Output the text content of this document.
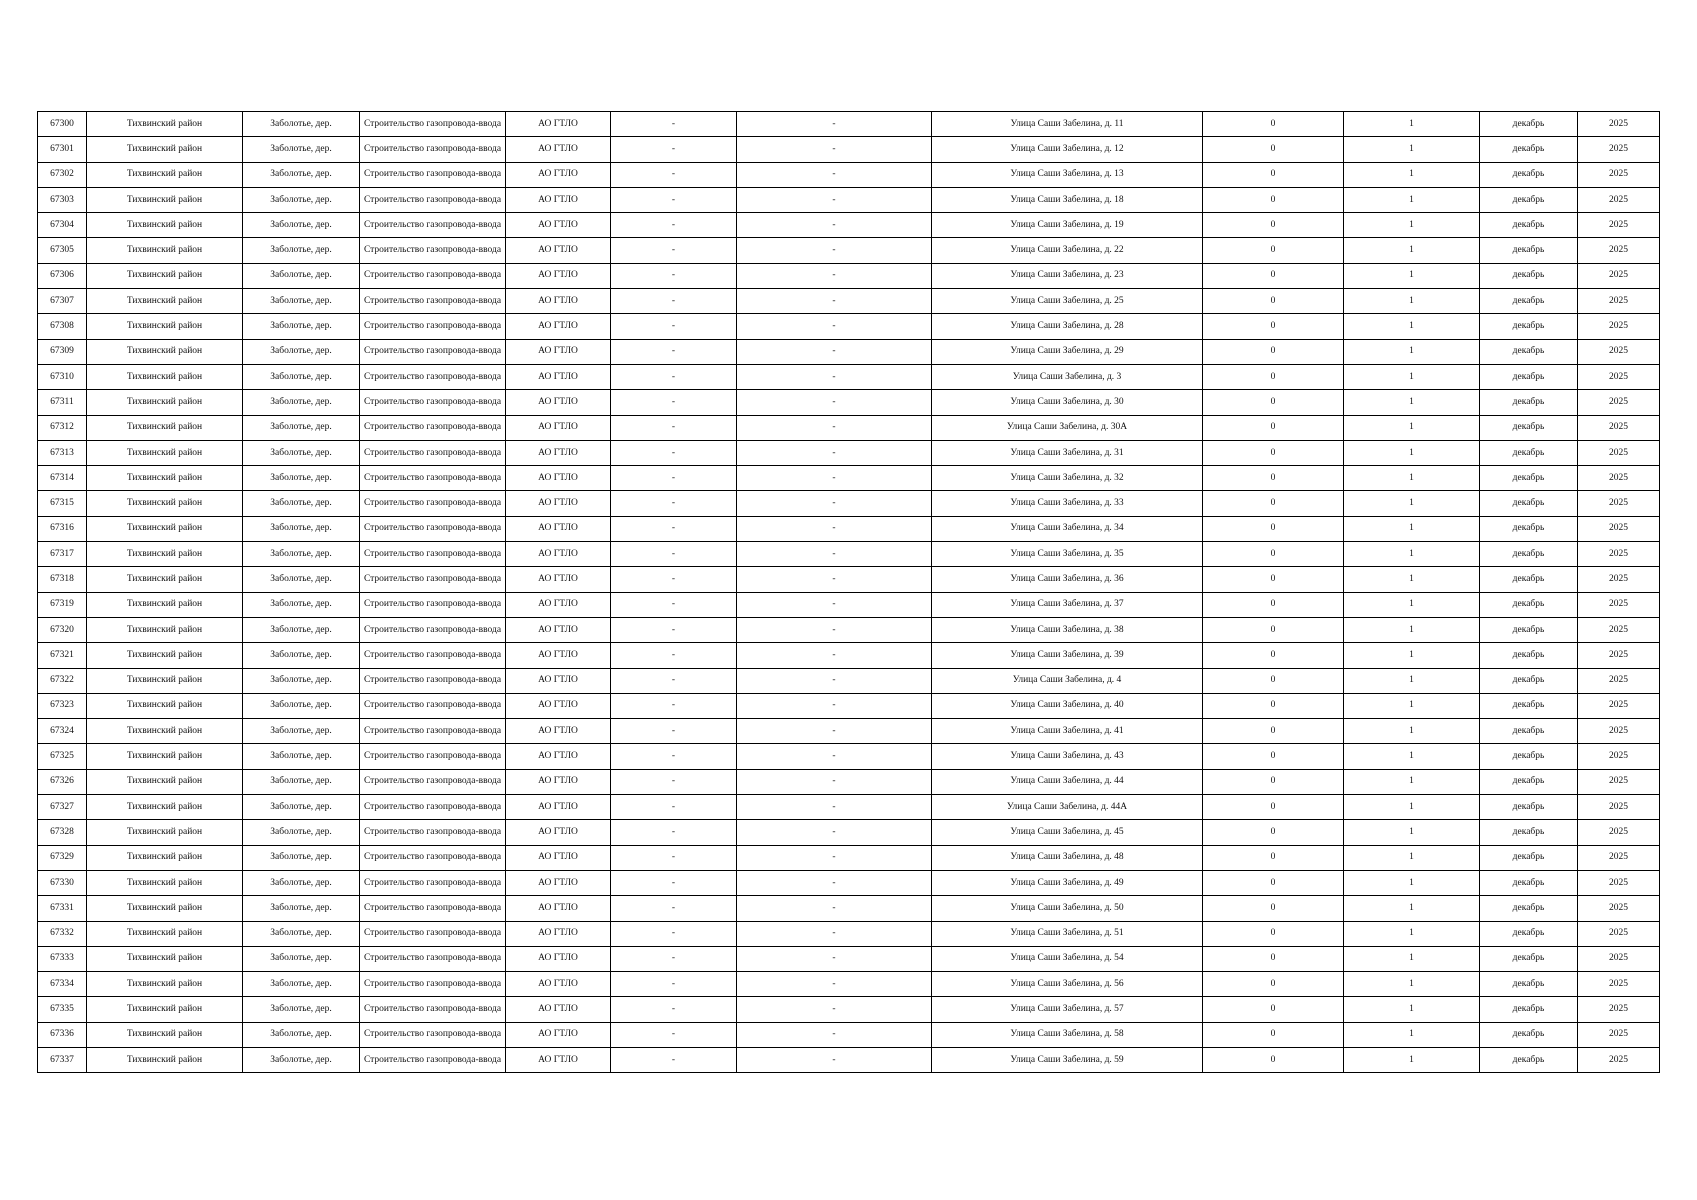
67300	Тихвинский район	Заболотье, дер.	Строительство газопровода-ввода	АО ГТЛО	-	-	Улица Саши Забелина, д. 11	0	1	декабрь	2025
67301	Тихвинский район	Заболотье, дер.	Строительство газопровода-ввода	АО ГТЛО	-	-	Улица Саши Забелина, д. 12	0	1	декабрь	2025
67302	Тихвинский район	Заболотье, дер.	Строительство газопровода-ввода	АО ГТЛО	-	-	Улица Саши Забелина, д. 13	0	1	декабрь	2025
67303	Тихвинский район	Заболотье, дер.	Строительство газопровода-ввода	АО ГТЛО	-	-	Улица Саши Забелина, д. 18	0	1	декабрь	2025
67304	Тихвинский район	Заболотье, дер.	Строительство газопровода-ввода	АО ГТЛО	-	-	Улица Саши Забелина, д. 19	0	1	декабрь	2025
67305	Тихвинский район	Заболотье, дер.	Строительство газопровода-ввода	АО ГТЛО	-	-	Улица Саши Забелина, д. 22	0	1	декабрь	2025
67306	Тихвинский район	Заболотье, дер.	Строительство газопровода-ввода	АО ГТЛО	-	-	Улица Саши Забелина, д. 23	0	1	декабрь	2025
67307	Тихвинский район	Заболотье, дер.	Строительство газопровода-ввода	АО ГТЛО	-	-	Улица Саши Забелина, д. 25	0	1	декабрь	2025
67308	Тихвинский район	Заболотье, дер.	Строительство газопровода-ввода	АО ГТЛО	-	-	Улица Саши Забелина, д. 28	0	1	декабрь	2025
67309	Тихвинский район	Заболотье, дер.	Строительство газопровода-ввода	АО ГТЛО	-	-	Улица Саши Забелина, д. 29	0	1	декабрь	2025
67310	Тихвинский район	Заболотье, дер.	Строительство газопровода-ввода	АО ГТЛО	-	-	Улица Саши Забелина, д. 3	0	1	декабрь	2025
67311	Тихвинский район	Заболотье, дер.	Строительство газопровода-ввода	АО ГТЛО	-	-	Улица Саши Забелина, д. 30	0	1	декабрь	2025
67312	Тихвинский район	Заболотье, дер.	Строительство газопровода-ввода	АО ГТЛО	-	-	Улица Саши Забелина, д. 30А	0	1	декабрь	2025
67313	Тихвинский район	Заболотье, дер.	Строительство газопровода-ввода	АО ГТЛО	-	-	Улица Саши Забелина, д. 31	0	1	декабрь	2025
67314	Тихвинский район	Заболотье, дер.	Строительство газопровода-ввода	АО ГТЛО	-	-	Улица Саши Забелина, д. 32	0	1	декабрь	2025
67315	Тихвинский район	Заболотье, дер.	Строительство газопровода-ввода	АО ГТЛО	-	-	Улица Саши Забелина, д. 33	0	1	декабрь	2025
67316	Тихвинский район	Заболотье, дер.	Строительство газопровода-ввода	АО ГТЛО	-	-	Улица Саши Забелина, д. 34	0	1	декабрь	2025
67317	Тихвинский район	Заболотье, дер.	Строительство газопровода-ввода	АО ГТЛО	-	-	Улица Саши Забелина, д. 35	0	1	декабрь	2025
67318	Тихвинский район	Заболотье, дер.	Строительство газопровода-ввода	АО ГТЛО	-	-	Улица Саши Забелина, д. 36	0	1	декабрь	2025
67319	Тихвинский район	Заболотье, дер.	Строительство газопровода-ввода	АО ГТЛО	-	-	Улица Саши Забелина, д. 37	0	1	декабрь	2025
67320	Тихвинский район	Заболотье, дер.	Строительство газопровода-ввода	АО ГТЛО	-	-	Улица Саши Забелина, д. 38	0	1	декабрь	2025
67321	Тихвинский район	Заболотье, дер.	Строительство газопровода-ввода	АО ГТЛО	-	-	Улица Саши Забелина, д. 39	0	1	декабрь	2025
67322	Тихвинский район	Заболотье, дер.	Строительство газопровода-ввода	АО ГТЛО	-	-	Улица Саши Забелина, д. 4	0	1	декабрь	2025
67323	Тихвинский район	Заболотье, дер.	Строительство газопровода-ввода	АО ГТЛО	-	-	Улица Саши Забелина, д. 40	0	1	декабрь	2025
67324	Тихвинский район	Заболотье, дер.	Строительство газопровода-ввода	АО ГТЛО	-	-	Улица Саши Забелина, д. 41	0	1	декабрь	2025
67325	Тихвинский район	Заболотье, дер.	Строительство газопровода-ввода	АО ГТЛО	-	-	Улица Саши Забелина, д. 43	0	1	декабрь	2025
67326	Тихвинский район	Заболотье, дер.	Строительство газопровода-ввода	АО ГТЛО	-	-	Улица Саши Забелина, д. 44	0	1	декабрь	2025
67327	Тихвинский район	Заболотье, дер.	Строительство газопровода-ввода	АО ГТЛО	-	-	Улица Саши Забелина, д. 44А	0	1	декабрь	2025
67328	Тихвинский район	Заболотье, дер.	Строительство газопровода-ввода	АО ГТЛО	-	-	Улица Саши Забелина, д. 45	0	1	декабрь	2025
67329	Тихвинский район	Заболотье, дер.	Строительство газопровода-ввода	АО ГТЛО	-	-	Улица Саши Забелина, д. 48	0	1	декабрь	2025
67330	Тихвинский район	Заболотье, дер.	Строительство газопровода-ввода	АО ГТЛО	-	-	Улица Саши Забелина, д. 49	0	1	декабрь	2025
67331	Тихвинский район	Заболотье, дер.	Строительство газопровода-ввода	АО ГТЛО	-	-	Улица Саши Забелина, д. 50	0	1	декабрь	2025
67332	Тихвинский район	Заболотье, дер.	Строительство газопровода-ввода	АО ГТЛО	-	-	Улица Саши Забелина, д. 51	0	1	декабрь	2025
67333	Тихвинский район	Заболотье, дер.	Строительство газопровода-ввода	АО ГТЛО	-	-	Улица Саши Забелина, д. 54	0	1	декабрь	2025
67334	Тихвинский район	Заболотье, дер.	Строительство газопровода-ввода	АО ГТЛО	-	-	Улица Саши Забелина, д. 56	0	1	декабрь	2025
67335	Тихвинский район	Заболотье, дер.	Строительство газопровода-ввода	АО ГТЛО	-	-	Улица Саши Забелина, д. 57	0	1	декабрь	2025
67336	Тихвинский район	Заболотье, дер.	Строительство газопровода-ввода	АО ГТЛО	-	-	Улица Саши Забелина, д. 58	0	1	декабрь	2025
67337	Тихвинский район	Заболотье, дер.	Строительство газопровода-ввода	АО ГТЛО	-	-	Улица Саши Забелина, д. 59	0	1	декабрь	2025
